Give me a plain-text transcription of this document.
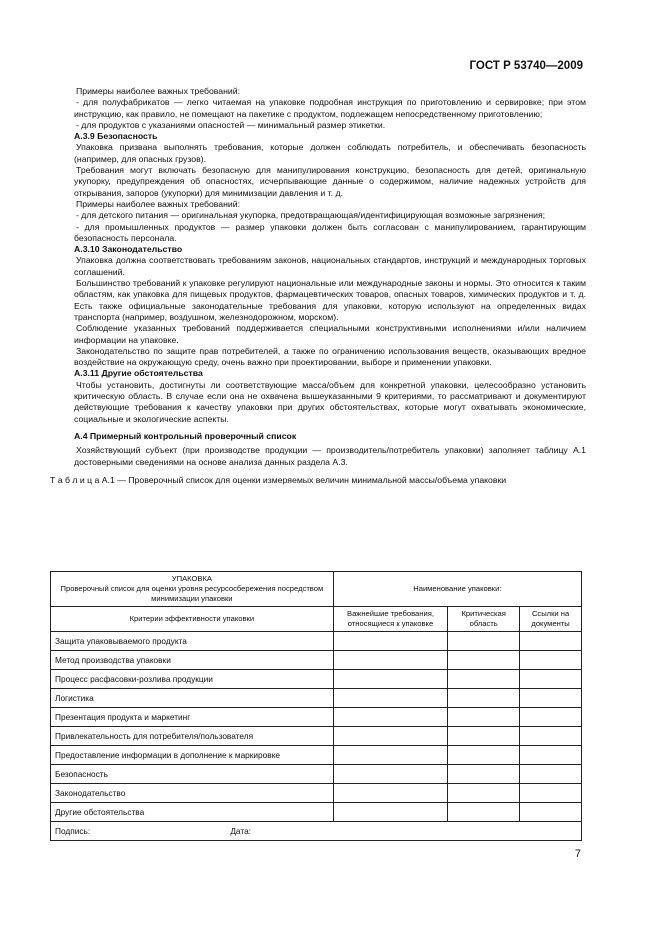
ГОСТ Р 53740—2009

Примеры наиболее важных требований:

- для полуфабрикатов — легко читаемая на упаковке подробная инструкция по приготовлению и сервировке; при этом инструкцию, как правило, не помещают на пакетике с продуктом, подлежащем непосредственному приготовлению;

- для продуктов с указаниями опасностей — минимальный размер этикетки.

А.3.9 Безопасность

Упаковка призвана выполнять требования, которые должен соблюдать потребитель, и обеспечивать безопасность (например, для опасных грузов).

Требования могут включать безопасную для манипулирования конструкцию, безопасность для детей, оригинальную укупорку, предупреждения об опасностях, исчерпывающие данные о содержимом, наличие надежных устройств для открывания, запоров (укупорки) для минимизации давления и т. д.

Примеры наиболее важных требований:

- для детского питания — оригинальная укупорка, предотвращающая/идентифицирующая возможные загрязнения;

- для промышленных продуктов — размер упаковки должен быть согласован с манипулированием, гарантирующим безопасность персонала.

А.3.10 Законодательство

Упаковка должна соответствовать требованиям законов, национальных стандартов, инструкций и международных торговых соглашений.

Большинство требований к упаковке регулируют национальные или международные законы и нормы. Это относится к таким областям, как упаковка для пищевых продуктов, фармацевтических товаров, опасных товаров, химических продуктов и т. д. Есть также официальные законодательные требования для упаковки, которую используют на определенных видах транспорта (например, воздушном, железнодорожном, морском).

Соблюдение указанных требований поддерживается специальными конструктивными исполнениями и/или наличием информации на упаковке.

Законодательство по защите прав потребителей, а также по ограничению использования веществ, оказывающих вредное воздействие на окружающую среду, очень важно при проектировании, выборе и применении упаковки.

А.3.11 Другие обстоятельства

Чтобы установить, достигнуты ли соответствующие масса/объем для конкретной упаковки, целесообразно установить критическую область. В случае если она не охвачена вышеуказанными 9 критериями, то рассматривают и документируют действующие требования к качеству упаковки при других обстоятельствах, которые могут охватывать экономические, социальные и экологические аспекты.

А.4 Примерный контрольный проверочный список

Хозяйствующий субъект (при производстве продукции — производитель/потребитель упаковки) заполняет таблицу А.1 достоверными сведениями на основе анализа данных раздела А.3.

Т а б л и ц а А.1 — Проверочный список для оценки измеряемых величин минимальной массы/объема упаковки

УПАКОВКА
Проверочный список для оценки уровня ресурсосбережения посредством минимизации упаковки	Наименование упаковки:		
Критерии эффективности упаковки	Важнейшие требования, относящиеся к упаковке	Критическая область	Ссылки на документы
Защита упаковываемого продукта			
Метод производства упаковки			
Процесс расфасовки-розлива продукции			
Логистика			
Презентация продукта и маркетинг			
Привлекательность для потребителя/пользователя			
Предоставление информации в дополнение к маркировке			
Безопасность			
Законодательство			
Другие обстоятельства			

Подпись: Дата:			
7
